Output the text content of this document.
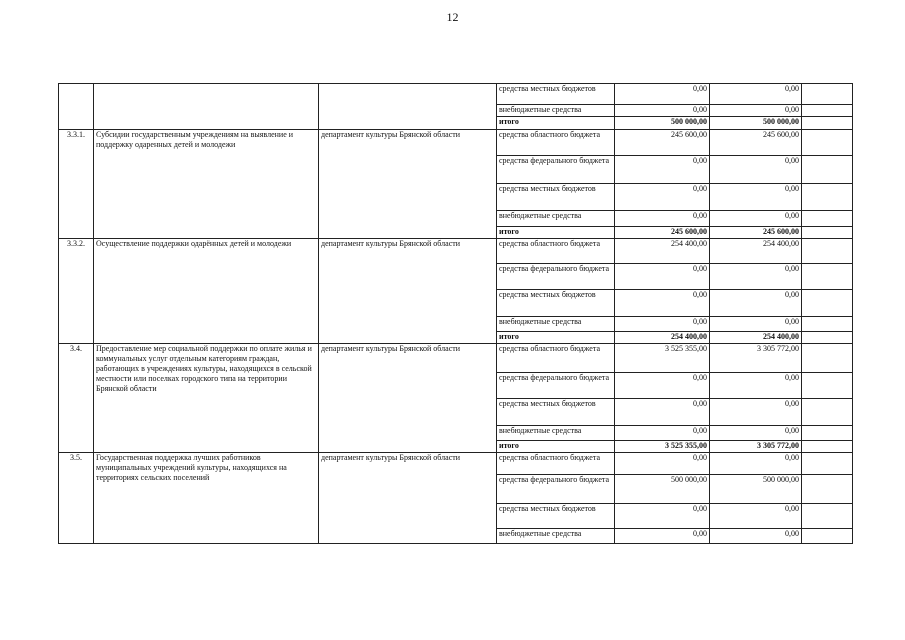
12
			средства местных бюджетов	0,00	0,00	
			внебюджетные средства	0,00	0,00	
			итого	500 000,00	500 000,00	
3.3.1.	Субсидии государственным учреждениям на выявление и поддержку одаренных детей и молодежи	департамент культуры Брянской области	средства областного бюджета	245 600,00	245 600,00	
			средства федерального бюджета	0,00	0,00	
			средства местных бюджетов	0,00	0,00	
			внебюджетные средства	0,00	0,00	
			итого	245 600,00	245 600,00	
3.3.2.	Осуществление поддержки одарённых детей и молодежи	департамент культуры Брянской области	средства областного бюджета	254 400,00	254 400,00	
			средства федерального бюджета	0,00	0,00	
			средства местных бюджетов	0,00	0,00	
			внебюджетные средства	0,00	0,00	
			итого	254 400,00	254 400,00	
3.4.	Предоставление мер социальной поддержки по оплате жилья и коммунальных услуг отдельным категориям граждан, работающих в учреждениях культуры, находящихся в сельской местности или поселках городского типа на территории Брянской области	департамент культуры Брянской области	средства областного бюджета	3 525 355,00	3 305 772,00	
			средства федерального бюджета	0,00	0,00	
			средства местных бюджетов	0,00	0,00	
			внебюджетные средства	0,00	0,00	
			итого	3 525 355,00	3 305 772,00	
3.5.	Государственная поддержка лучших работников муниципальных учреждений культуры, находящихся на территориях сельских поселений	департамент культуры Брянской области	средства областного бюджета	0,00	0,00	
			средства федерального бюджета	500 000,00	500 000,00	
			средства местных бюджетов	0,00	0,00	
			внебюджетные средства	0,00	0,00	
